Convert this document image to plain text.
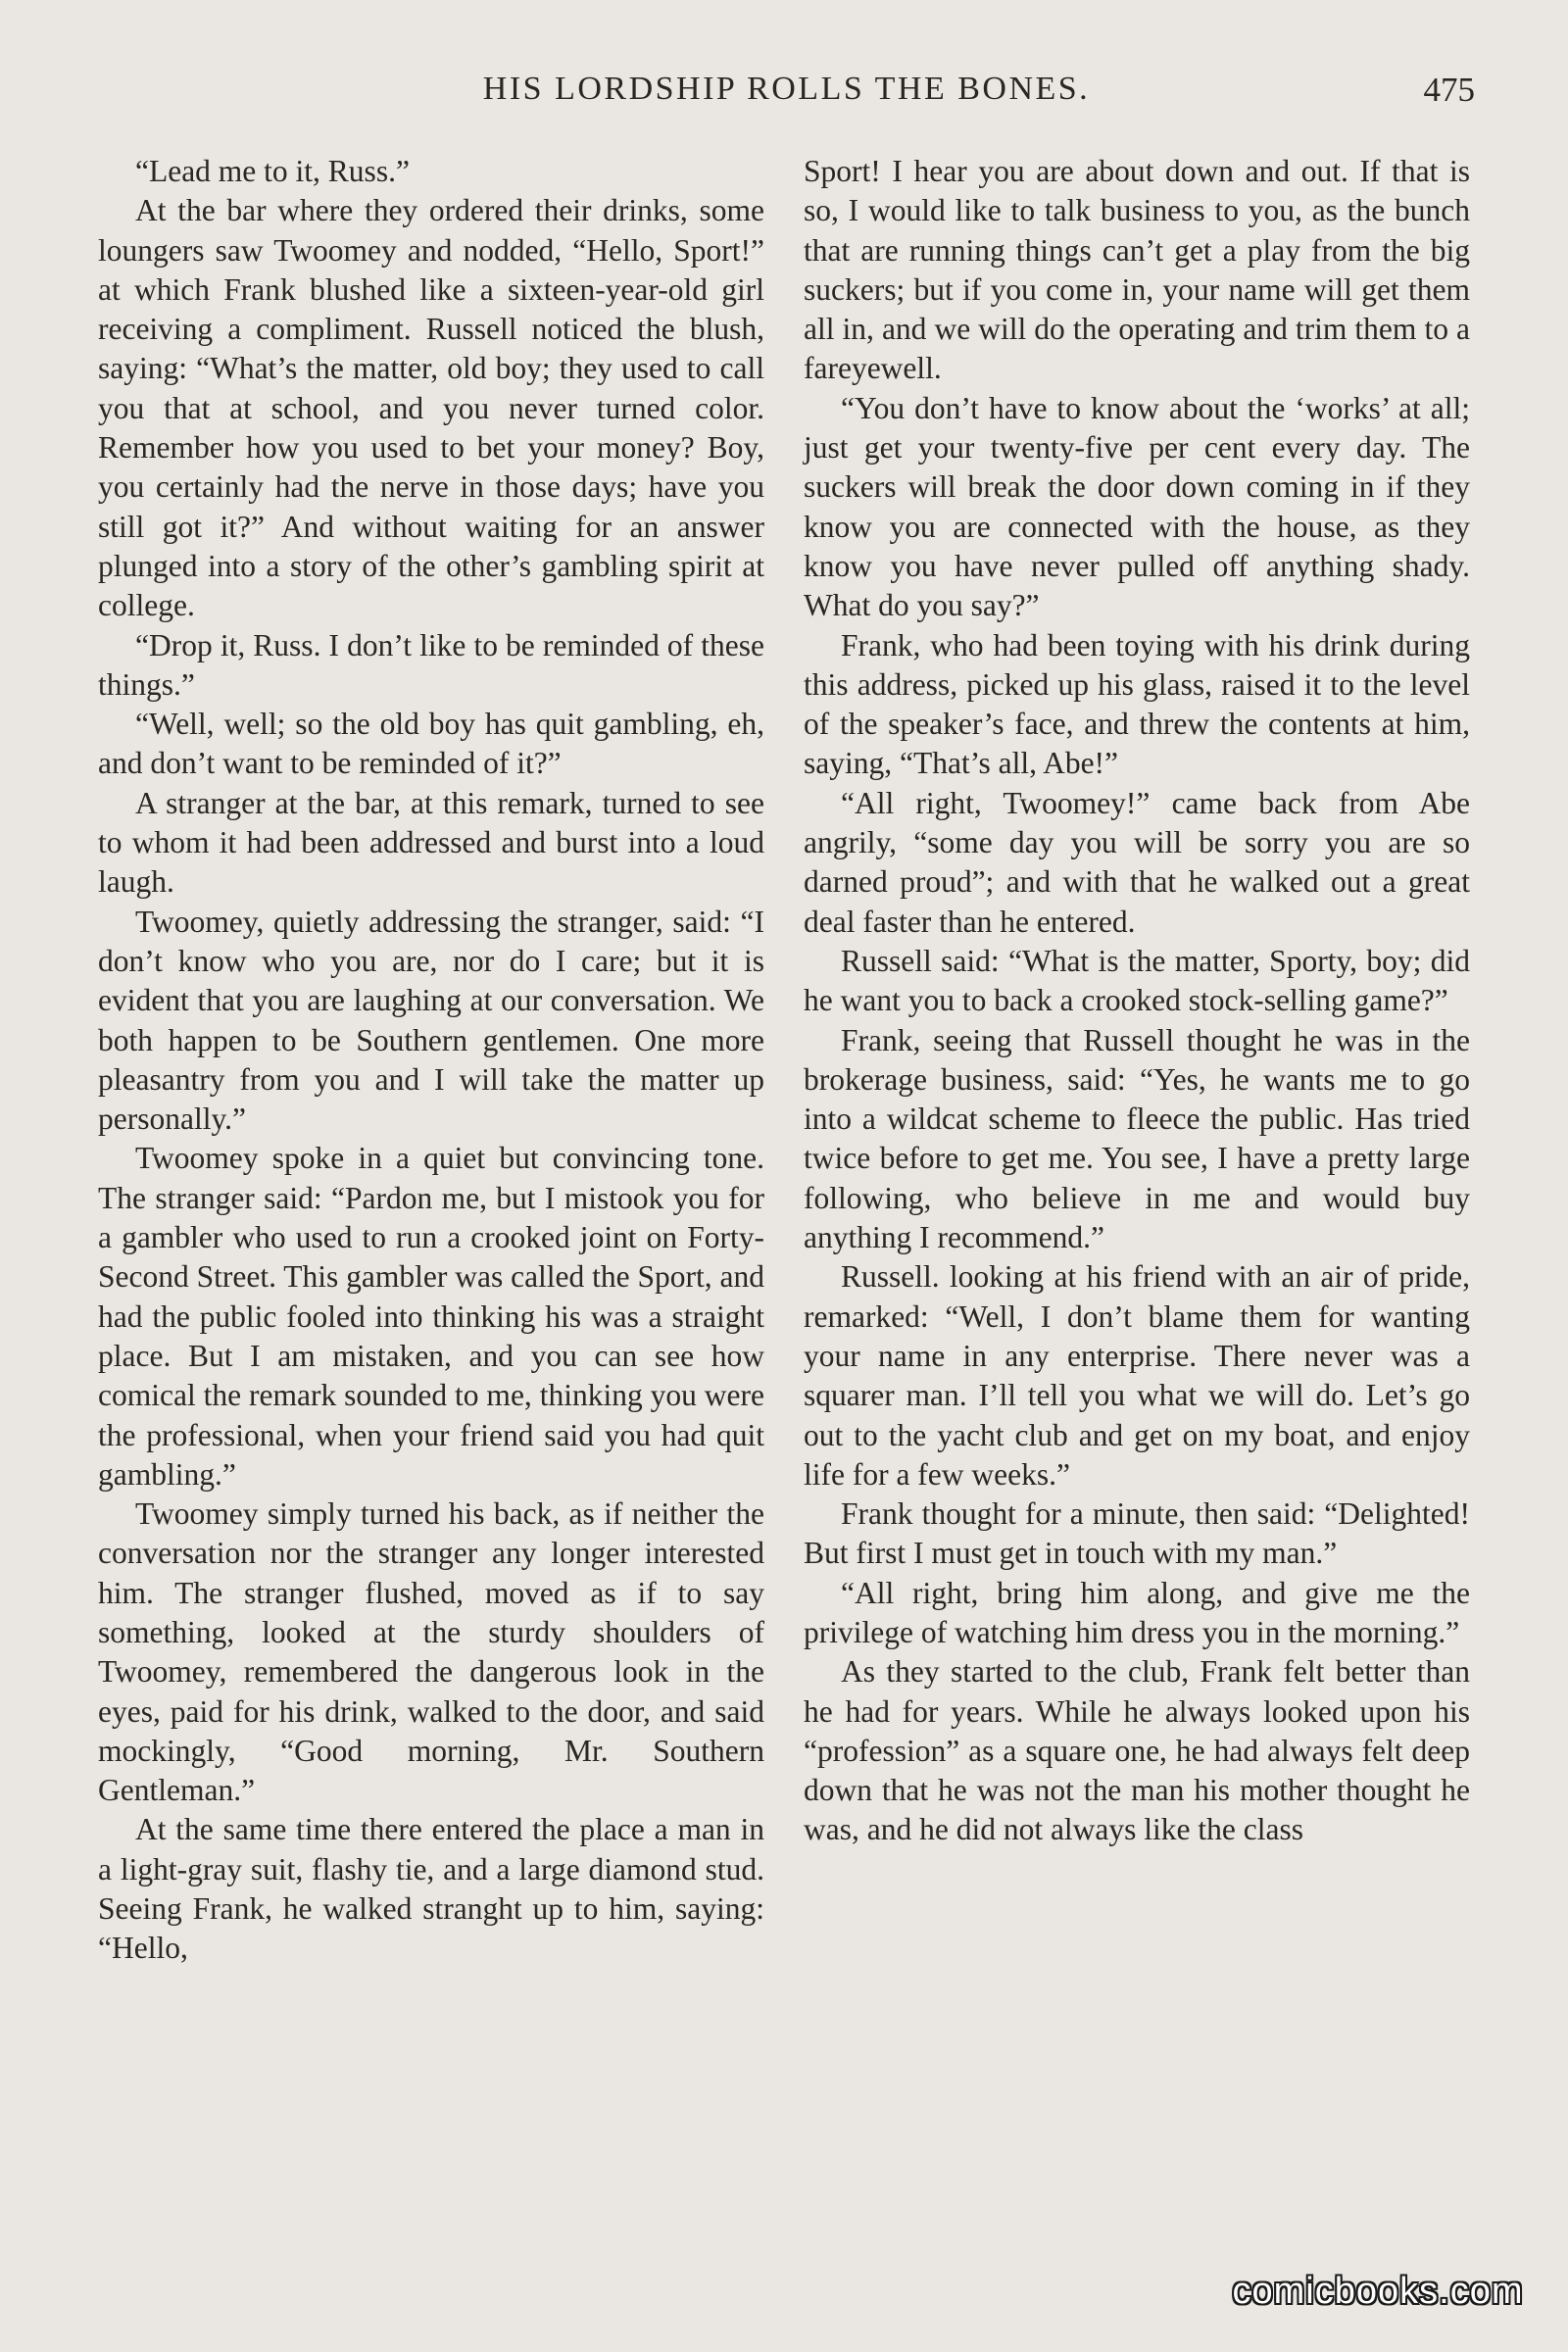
HIS LORDSHIP ROLLS THE BONES.	475

“Lead me to it, Russ.”

At the bar where they ordered their drinks, some loungers saw Twoomey and nodded, “Hello, Sport!” at which Frank blushed like a sixteen-year-old girl receiving a compliment. Russell noticed the blush, saying: “What’s the matter, old boy; they used to call you that at school, and you never turned color. Remember how you used to bet your money? Boy, you certainly had the nerve in those days; have you still got it?” And without waiting for an answer plunged into a story of the other’s gambling spirit at college.

“Drop it, Russ. I don’t like to be reminded of these things.”

“Well, well; so the old boy has quit gambling, eh, and don’t want to be reminded of it?”

A stranger at the bar, at this remark, turned to see to whom it had been addressed and burst into a loud laugh.

Twoomey, quietly addressing the stranger, said: “I don’t know who you are, nor do I care; but it is evident that you are laughing at our conversation. We both happen to be Southern gentlemen. One more pleasantry from you and I will take the matter up personally.”

Twoomey spoke in a quiet but convincing tone. The stranger said: “Pardon me, but I mistook you for a gambler who used to run a crooked joint on Forty-Second Street. This gambler was called the Sport, and had the public fooled into thinking his was a straight place. But I am mistaken, and you can see how comical the remark sounded to me, thinking you were the professional, when your friend said you had quit gambling.”

Twoomey simply turned his back, as if neither the conversation nor the stranger any longer interested him. The stranger flushed, moved as if to say something, looked at the sturdy shoulders of Twoomey, remembered the dangerous look in the eyes, paid for his drink, walked to the door, and said mockingly, “Good morning, Mr. Southern Gentleman.”

At the same time there entered the place a man in a light-gray suit, flashy tie, and a large diamond stud. Seeing Frank, he walked stranght up to him, saying: “Hello,

Sport! I hear you are about down and out. If that is so, I would like to talk business to you, as the bunch that are running things can’t get a play from the big suckers; but if you come in, your name will get them all in, and we will do the operating and trim them to a fareyewell.

“You don’t have to know about the ‘works’ at all; just get your twenty-five per cent every day. The suckers will break the door down coming in if they know you are connected with the house, as they know you have never pulled off anything shady. What do you say?”

Frank, who had been toying with his drink during this address, picked up his glass, raised it to the level of the speaker’s face, and threw the contents at him, saying, “That’s all, Abe!”

“All right, Twoomey!” came back from Abe angrily, “some day you will be sorry you are so darned proud”; and with that he walked out a great deal faster than he entered.

Russell said: “What is the matter, Sporty, boy; did he want you to back a crooked stock-selling game?”

Frank, seeing that Russell thought he was in the brokerage business, said: “Yes, he wants me to go into a wildcat scheme to fleece the public. Has tried twice before to get me. You see, I have a pretty large following, who believe in me and would buy anything I recommend.”

Russell. looking at his friend with an air of pride, remarked: “Well, I don’t blame them for wanting your name in any enterprise. There never was a squarer man. I’ll tell you what we will do. Let’s go out to the yacht club and get on my boat, and enjoy life for a few weeks.”

Frank thought for a minute, then said: “Delighted! But first I must get in touch with my man.”

“All right, bring him along, and give me the privilege of watching him dress you in the morning.”

As they started to the club, Frank felt better than he had for years. While he always looked upon his “profession” as a square one, he had always felt deep down that he was not the man his mother thought he was, and he did not always like the class

comicbooks.com
